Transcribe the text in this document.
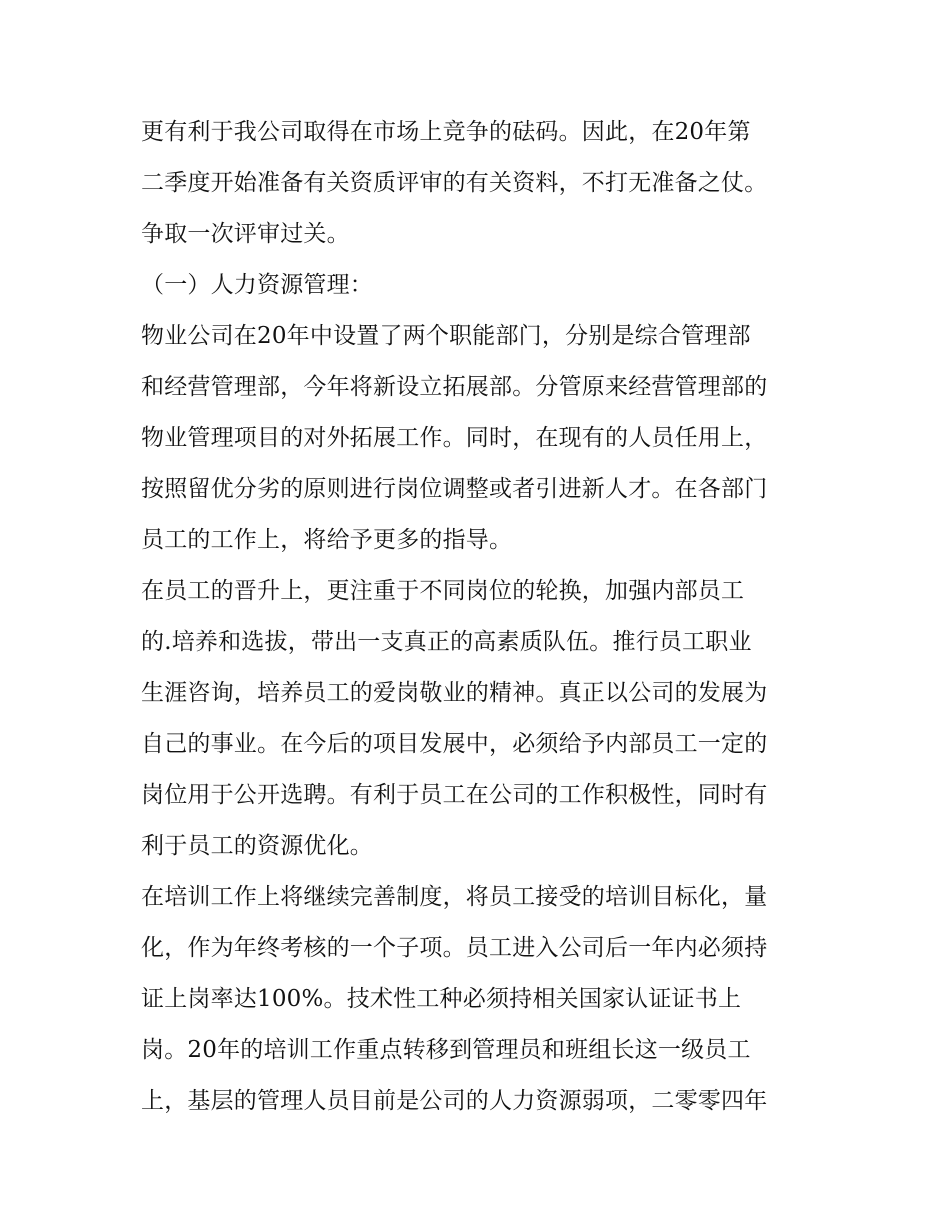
更有利于我公司取得在市场上竞争的砝码。因此，在20年第
二季度开始准备有关资质评审的有关资料，不打无准备之仗。
争取一次评审过关。
（一）人力资源管理：
物业公司在20年中设置了两个职能部门，分别是综合管理部
和经营管理部，今年将新设立拓展部。分管原来经营管理部的
物业管理项目的对外拓展工作。同时，在现有的人员任用上，
按照留优分劣的原则进行岗位调整或者引进新人才。在各部门
员工的工作上，将给予更多的指导。
在员工的晋升上，更注重于不同岗位的轮换，加强内部员工
的.培养和选拔，带出一支真正的高素质队伍。推行员工职业
生涯咨询，培养员工的爱岗敬业的精神。真正以公司的发展为
自己的事业。在今后的项目发展中，必须给予内部员工一定的
岗位用于公开选聘。有利于员工在公司的工作积极性，同时有
利于员工的资源优化。
在培训工作上将继续完善制度，将员工接受的培训目标化，量
化，作为年终考核的一个子项。员工进入公司后一年内必须持
证上岗率达100%。技术性工种必须持相关国家认证证书上
岗。20年的培训工作重点转移到管理员和班组长这一级员工
上，基层的管理人员目前是公司的人力资源弱项，二零零四年
